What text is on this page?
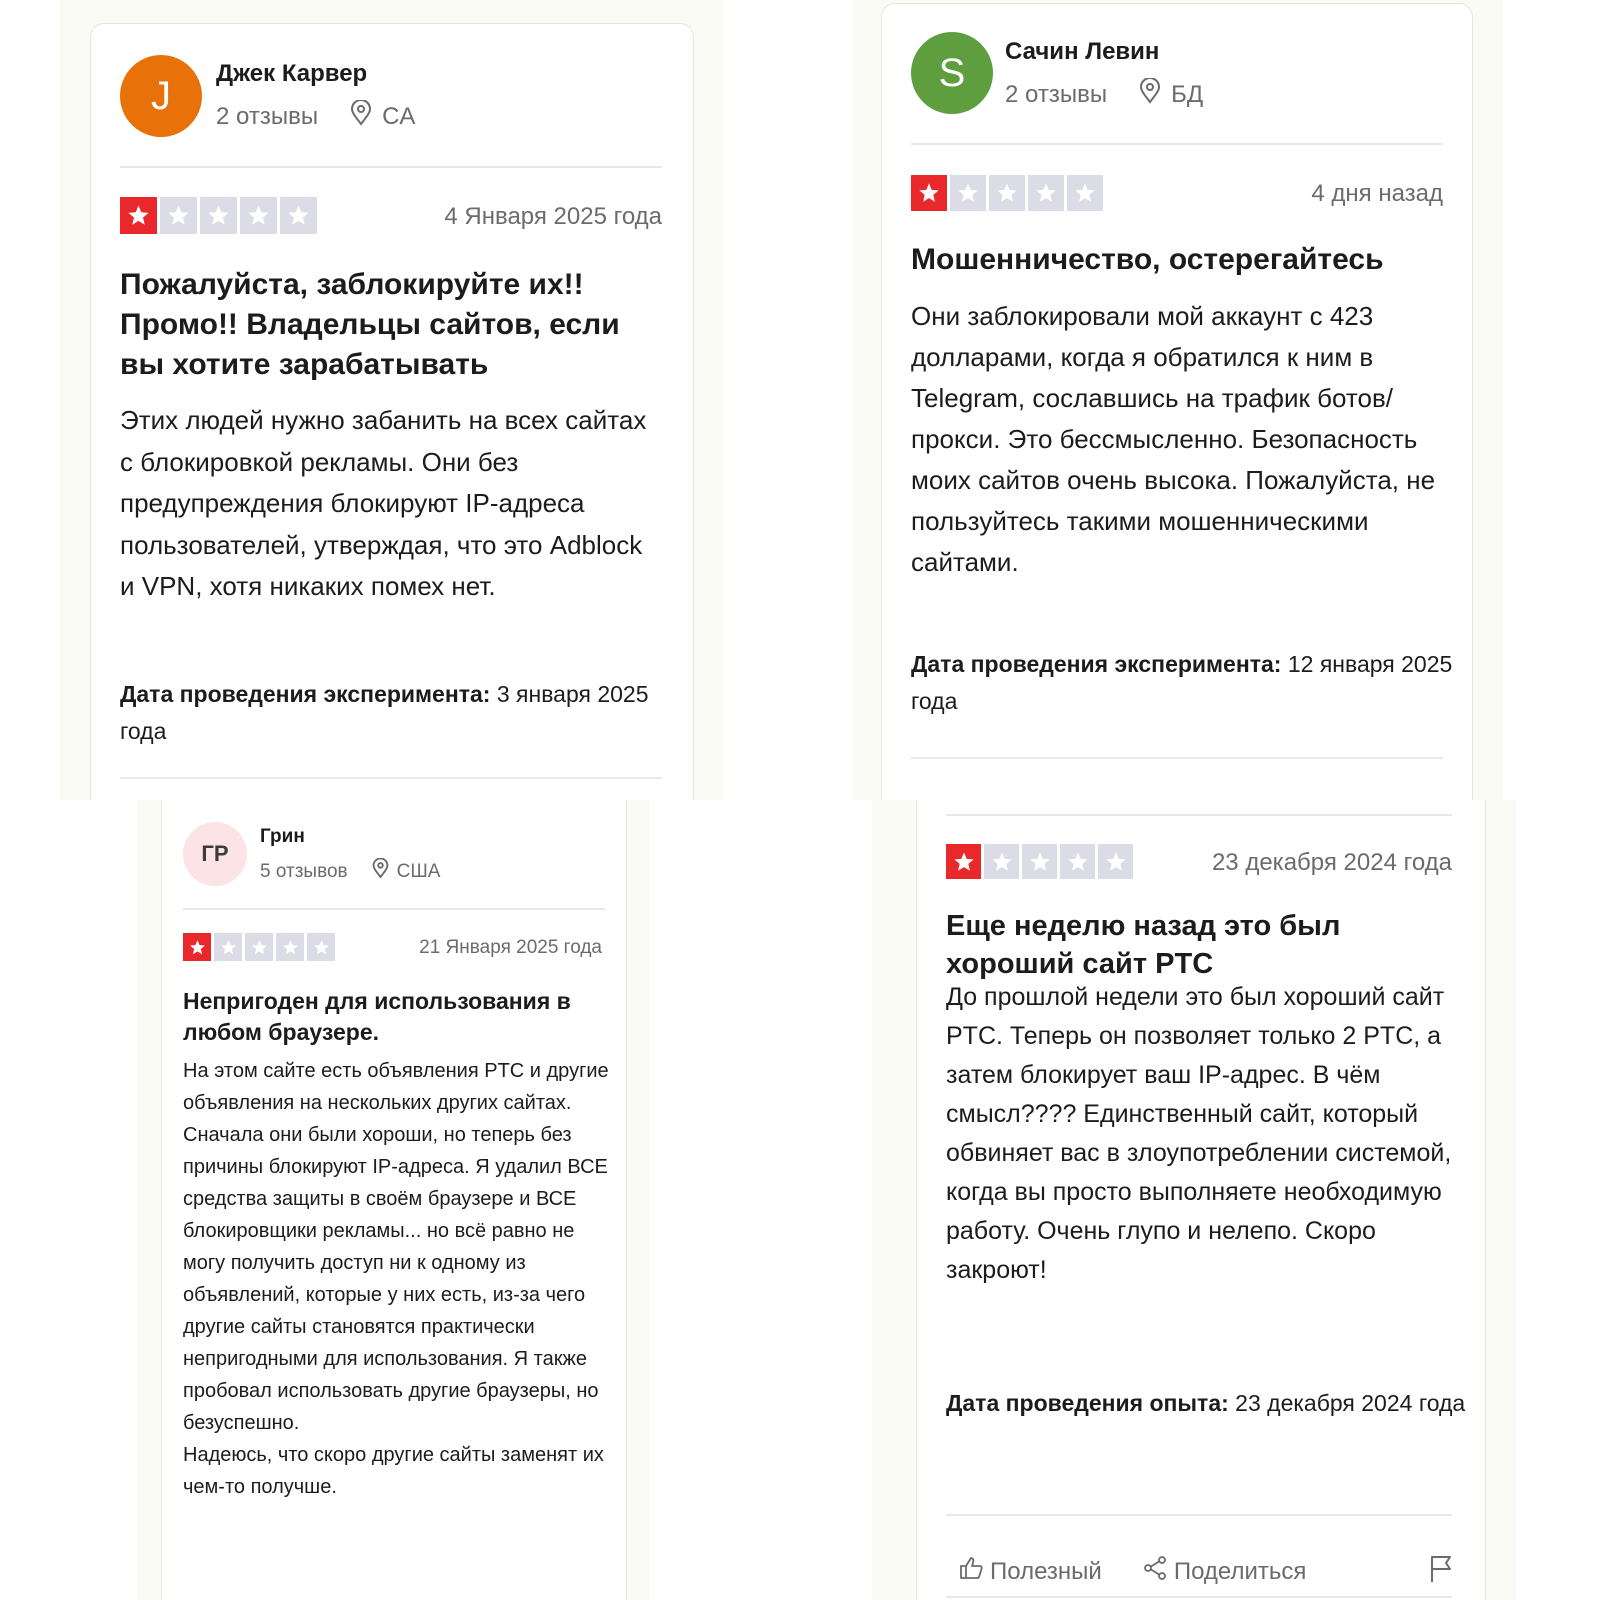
J	Джек Карвер
2 отзывы	CA
4 Января 2025 года
Пожалуйста, заблокируйте их!! Промо!! Владельцы сайтов, если вы хотите зарабатывать
Этих людей нужно забанить на всех сайтах с блокировкой рекламы. Они без предупреждения блокируют IP-адреса пользователей, утверждая, что это Adblock и VPN, хотя никаких помех нет.
Дата проведения эксперимента: 3 января 2025 года
S	Сачин Левин
2 отзывы	БД
4 дня назад
Мошенничество, остерегайтесь
Они заблокировали мой аккаунт с 423 долларами, когда я обратился к ним в Telegram, сославшись на трафик ботов/прокси. Это бессмысленно. Безопасность моих сайтов очень высока. Пожалуйста, не пользуйтесь такими мошенническими сайтами.
Дата проведения эксперимента: 12 января 2025 года
ГР
Грин
5 отзывов	США
21 Января 2025 года
Непригоден для использования в любом браузере.
На этом сайте есть объявления PTC и другие объявления на нескольких других сайтах. Сначала они были хороши, но теперь без причины блокируют IP-адреса. Я удалил ВСЕ средства защиты в своём браузере и ВСЕ блокировщики рекламы... но всё равно не могу получить доступ ни к одному из объявлений, которые у них есть, из-за чего другие сайты становятся практически непригодными для использования. Я также пробовал использовать другие браузеры, но безуспешно.
Надеюсь, что скоро другие сайты заменят их чем-то получше.
23 декабря 2024 года
Еще неделю назад это был хороший сайт PTC
До прошлой недели это был хороший сайт PTC. Теперь он позволяет только 2 PTC, а затем блокирует ваш IP-адрес. В чём смысл???? Единственный сайт, который обвиняет вас в злоупотреблении системой, когда вы просто выполняете необходимую работу. Очень глупо и нелепо. Скоро закроют!
Дата проведения опыта: 23 декабря 2024 года
Полезный	Поделиться
